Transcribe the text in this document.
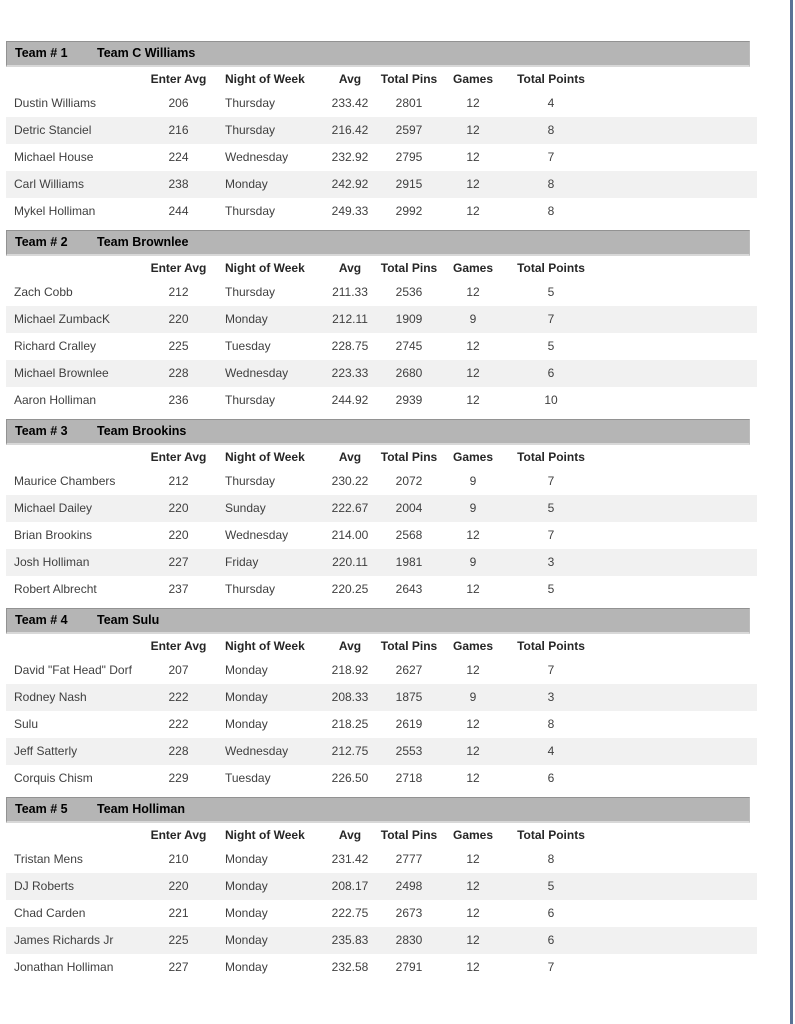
Team # 1 Team C Williams
Enter Avg	Night of Week	Avg	Total Pins	Games	Total Points
Dustin Williams	206	Thursday	233.42	2801	12	4
Detric Stanciel	216	Thursday	216.42	2597	12	8
Michael House	224	Wednesday	232.92	2795	12	7
Carl Williams	238	Monday	242.92	2915	12	8
Mykel Holliman	244	Thursday	249.33	2992	12	8
Team # 2 Team Brownlee
Enter Avg	Night of Week	Avg	Total Pins	Games	Total Points
Zach Cobb	212	Thursday	211.33	2536	12	5
Michael ZumbacK	220	Monday	212.11	1909	9	7
Richard Cralley	225	Tuesday	228.75	2745	12	5
Michael Brownlee	228	Wednesday	223.33	2680	12	6
Aaron Holliman	236	Thursday	244.92	2939	12	10
Team # 3 Team Brookins
Enter Avg	Night of Week	Avg	Total Pins	Games	Total Points
Maurice Chambers	212	Thursday	230.22	2072	9	7
Michael Dailey	220	Sunday	222.67	2004	9	5
Brian Brookins	220	Wednesday	214.00	2568	12	7
Josh Holliman	227	Friday	220.11	1981	9	3
Robert Albrecht	237	Thursday	220.25	2643	12	5
Team # 4 Team Sulu
Enter Avg	Night of Week	Avg	Total Pins	Games	Total Points
David "Fat Head" Dorf	207	Monday	218.92	2627	12	7
Rodney Nash	222	Monday	208.33	1875	9	3
Sulu	222	Monday	218.25	2619	12	8
Jeff Satterly	228	Wednesday	212.75	2553	12	4
Corquis Chism	229	Tuesday	226.50	2718	12	6
Team # 5 Team Holliman
Enter Avg	Night of Week	Avg	Total Pins	Games	Total Points
Tristan Mens	210	Monday	231.42	2777	12	8
DJ Roberts	220	Monday	208.17	2498	12	5
Chad Carden	221	Monday	222.75	2673	12	6
James Richards Jr	225	Monday	235.83	2830	12	6
Jonathan Holliman	227	Monday	232.58	2791	12	7
